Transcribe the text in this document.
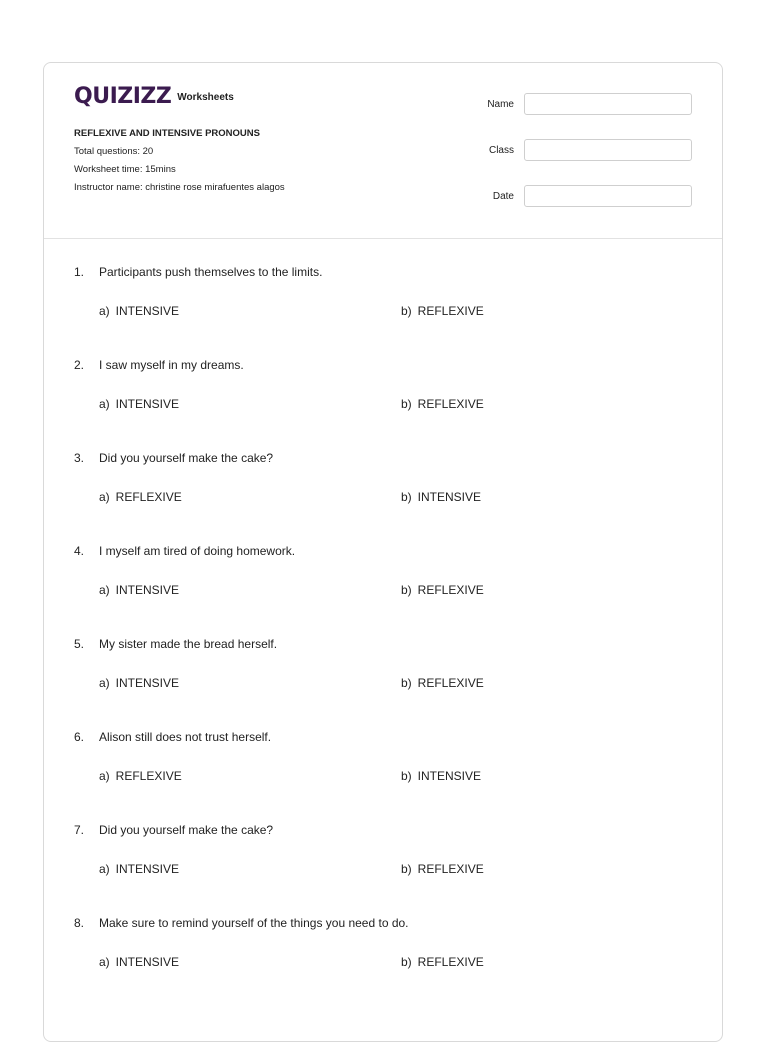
QUIZIZZ Worksheets
REFLEXIVE AND INTENSIVE PRONOUNS
Total questions: 20
Worksheet time: 15mins
Instructor name: christine rose mirafuentes alagos
Name
Class
Date
1.	Participants push themselves to the limits.
a) INTENSIVE	b) REFLEXIVE
2.	I saw myself in my dreams.
a) INTENSIVE	b) REFLEXIVE
3.	Did you yourself make the cake?
a) REFLEXIVE	b) INTENSIVE
4.	I myself am tired of doing homework.
a) INTENSIVE	b) REFLEXIVE
5.	My sister made the bread herself.
a) INTENSIVE	b) REFLEXIVE
6.	Alison still does not trust herself.
a) REFLEXIVE	b) INTENSIVE
7.	Did you yourself make the cake?
a) INTENSIVE	b) REFLEXIVE
8.	Make sure to remind yourself of the things you need to do.
a) INTENSIVE	b) REFLEXIVE
